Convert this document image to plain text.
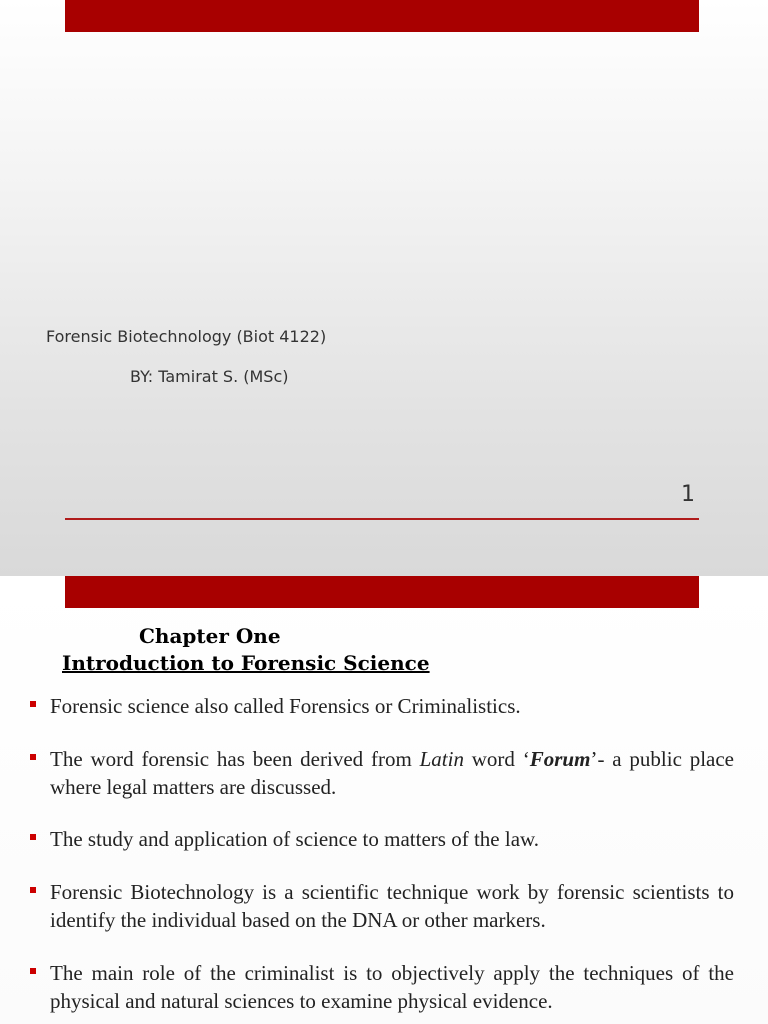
Forensic Biotechnology (Biot 4122)
BY: Tamirat S. (MSc)
1
Chapter One
Introduction to Forensic Science
Forensic science also called Forensics or Criminalistics.
The word forensic has been derived from Latin word ‘Forum’- a public place where legal matters are discussed.
The study and application of science to matters of the law.
Forensic Biotechnology is a scientific technique work by forensic scientists to identify the individual based on the DNA or other markers.
The main role of the criminalist is to objectively apply the techniques of the physical and natural sciences to examine physical evidence.
